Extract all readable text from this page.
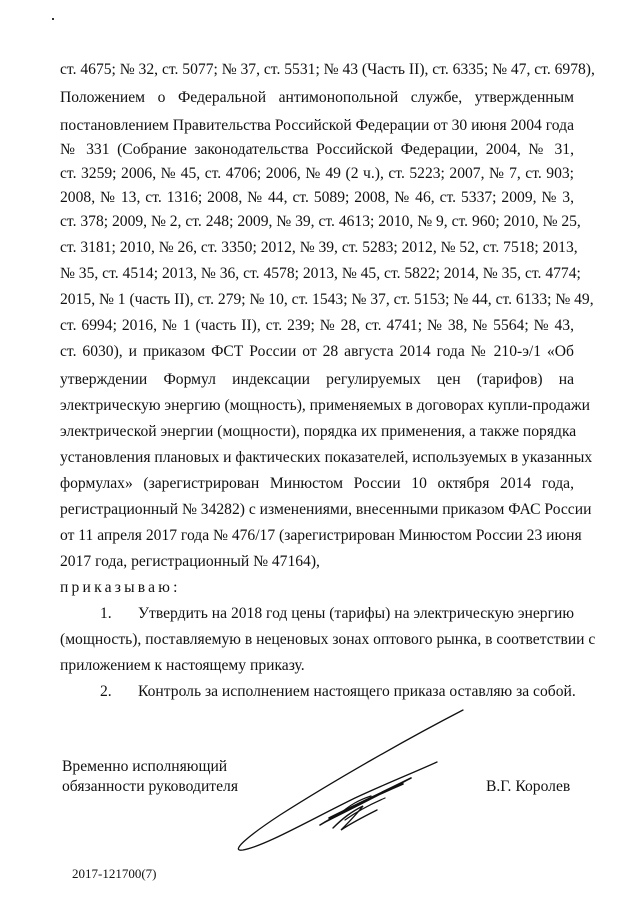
ст. 4675; № 32, ст. 5077; № 37, ст. 5531; № 43 (Часть II), ст. 6335; № 47, ст. 6978),
Положением о Федеральной антимонопольной службе, утвержденным
постановлением Правительства Российской Федерации от 30 июня 2004 года
№ 331 (Собрание законодательства Российской Федерации, 2004, № 31,
ст. 3259; 2006, № 45, ст. 4706; 2006, № 49 (2 ч.), ст. 5223; 2007, № 7, ст. 903;
2008, № 13, ст. 1316; 2008, № 44, ст. 5089; 2008, № 46, ст. 5337; 2009, № 3,
ст. 378; 2009, № 2, ст. 248; 2009, № 39, ст. 4613; 2010, № 9, ст. 960; 2010, № 25,
ст. 3181; 2010, № 26, ст. 3350; 2012, № 39, ст. 5283; 2012, № 52, ст. 7518; 2013,
№ 35, ст. 4514; 2013, № 36, ст. 4578; 2013, № 45, ст. 5822; 2014, № 35, ст. 4774;
2015, № 1 (часть II), ст. 279; № 10, ст. 1543; № 37, ст. 5153; № 44, ст. 6133; № 49,
ст. 6994; 2016, № 1 (часть II), ст. 239; № 28, ст. 4741; № 38, № 5564; № 43,
ст. 6030), и приказом ФСТ России от 28 августа 2014 года № 210-э/1 «Об
утверждении Формул индексации регулируемых цен (тарифов) на
электрическую энергию (мощность), применяемых в договорах купли-продажи
электрической энергии (мощности), порядка их применения, а также порядка
установления плановых и фактических показателей, используемых в указанных
формулах» (зарегистрирован Минюстом России 10 октября 2014 года,
регистрационный № 34282) с изменениями, внесенными приказом ФАС России
от 11 апреля 2017 года № 476/17 (зарегистрирован Минюстом России 23 июня
2017 года, регистрационный № 47164),
приказываю:
1. Утвердить на 2018 год цены (тарифы) на электрическую энергию
(мощность), поставляемую в неценовых зонах оптового рынка, в соответствии с
приложением к настоящему приказу.
2. Контроль за исполнением настоящего приказа оставляю за собой.
Временно исполняющий
обязанности руководителя	В.Г. Королев
2017-121700(7)
